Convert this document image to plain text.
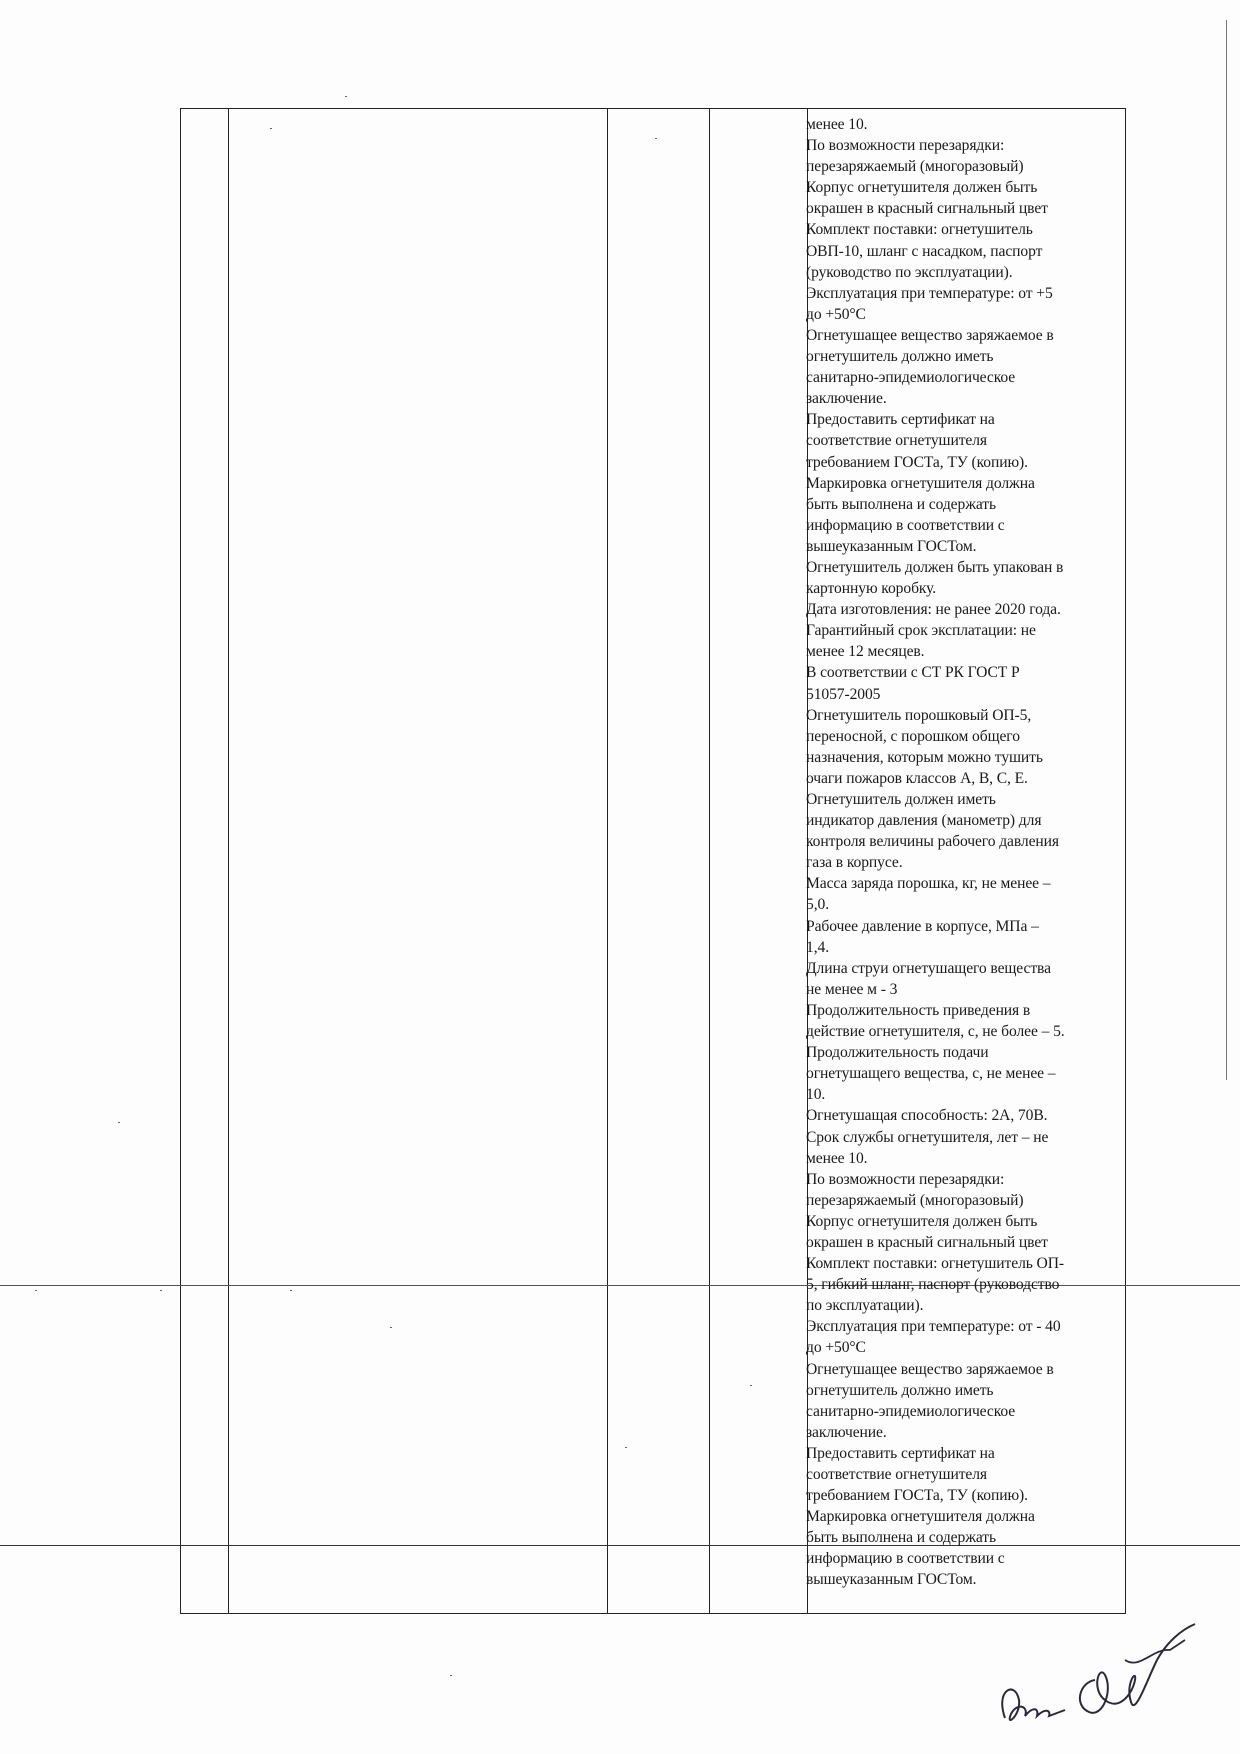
менее 10.
По возможности перезарядки:
перезаряжаемый (многоразовый)
Корпус огнетушителя должен быть
окрашен в красный сигнальный цвет
Комплект поставки: огнетушитель
ОВП-10, шланг с насадком, паспорт
(руководство по эксплуатации).
Эксплуатация при температуре: от +5
до +50°С
Огнетушащее вещество заряжаемое в
огнетушитель должно иметь
санитарно-эпидемиологическое
заключение.
Предоставить сертификат на
соответствие огнетушителя
требованием ГОСТа, ТУ (копию).
Маркировка огнетушителя должна
быть выполнена и содержать
информацию в соответствии с
вышеуказанным ГОСТом.
Огнетушитель должен быть упакован в
картонную коробку.
Дата изготовления: не ранее 2020 года.
Гарантийный срок эксплатации: не
менее 12 месяцев.
В соответствии с СТ РК ГОСТ Р
51057-2005
Огнетушитель порошковый ОП-5,
переносной, с порошком общего
назначения, которым можно тушить
очаги пожаров классов А, В, С, Е.
Огнетушитель должен иметь
индикатор давления (манометр) для
контроля величины рабочего давления
газа в корпусе.
Масса заряда порошка, кг, не менее –
5,0.
Рабочее давление в корпусе, МПа –
1,4.
Длина струи огнетушащего вещества
не менее м - 3
Продолжительность приведения в
действие огнетушителя, с, не более – 5.
Продолжительность подачи
огнетушащего вещества, с, не менее –
10.
Огнетушащая способность: 2А, 70В.
Срок службы огнетушителя, лет – не
менее 10.
По возможности перезарядки:
перезаряжаемый (многоразовый)
Корпус огнетушителя должен быть
окрашен в красный сигнальный цвет
Комплект поставки: огнетушитель ОП-
5, гибкий шланг, паспорт (руководство
по эксплуатации).
Эксплуатация при температуре: от - 40
до +50°С
Огнетушащее вещество заряжаемое в
огнетушитель должно иметь
санитарно-эпидемиологическое
заключение.
Предоставить сертификат на
соответствие огнетушителя
требованием ГОСТа, ТУ (копию).
Маркировка огнетушителя должна
быть выполнена и содержать
информацию в соответствии с
вышеуказанным ГОСТом.
